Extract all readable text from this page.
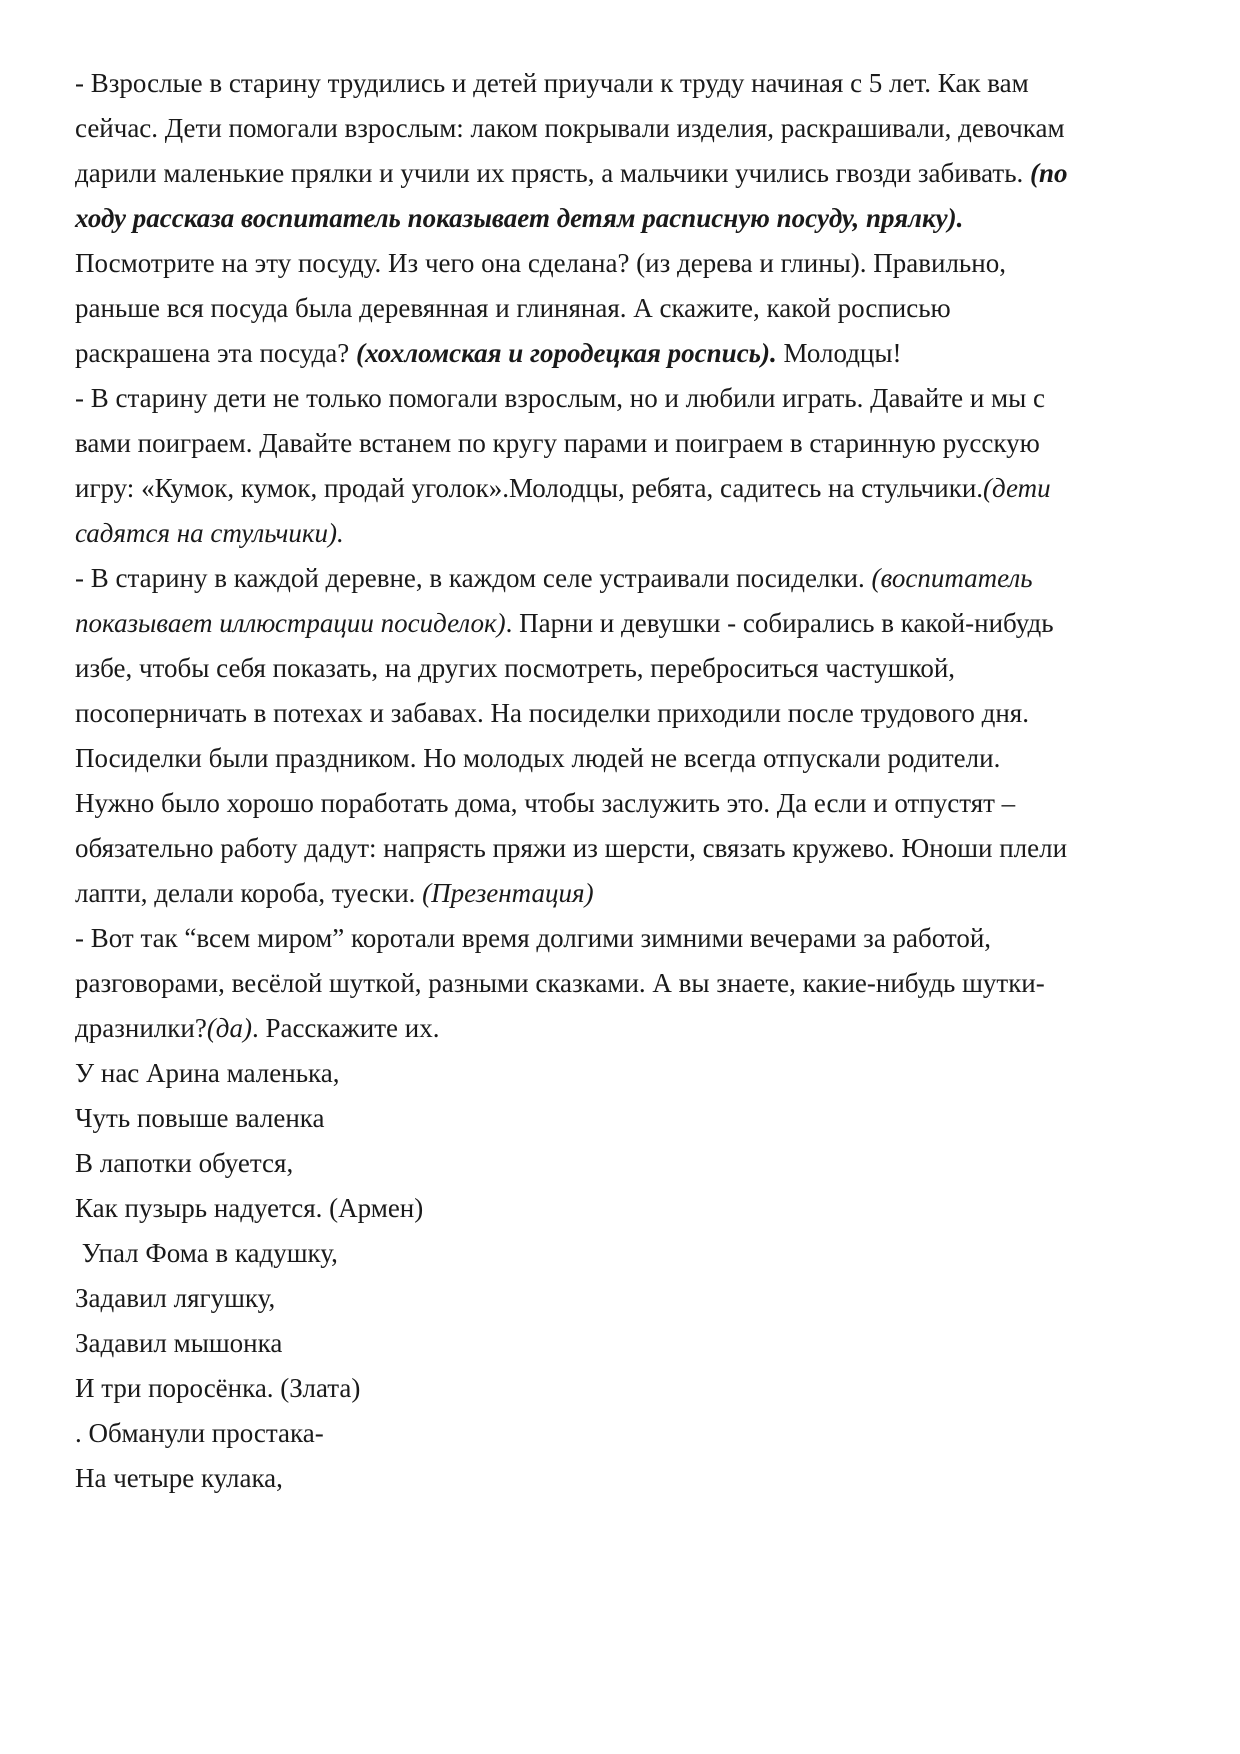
- Взрослые в старину трудились и детей приучали к труду начиная с 5 лет. Как вам
сейчас. Дети помогали взрослым: лаком покрывали изделия, раскрашивали, девочкам
дарили маленькие прялки и учили их прясть, а мальчики учились гвозди забивать. (по
ходу рассказа воспитатель показывает детям расписную посуду, прялку).
Посмотрите на эту посуду. Из чего она сделана? (из дерева и глины). Правильно,
раньше вся посуда была деревянная и глиняная. А скажите, какой росписью
раскрашена эта посуда? (хохломская и городецкая роспись). Молодцы!
- В старину дети не только помогали взрослым, но и любили играть. Давайте и мы с
вами поиграем. Давайте встанем по кругу парами и поиграем в старинную русскую
игру: «Кумок, кумок, продай уголок».Молодцы, ребята, садитесь на стульчики.(дети
садятся на стульчики).
- В старину в каждой деревне, в каждом селе устраивали посиделки. (воспитатель
показывает иллюстрации посиделок). Парни и девушки - собирались в какой-нибудь
избе, чтобы себя показать, на других посмотреть, переброситься частушкой,
посоперничать в потехах и забавах. На посиделки приходили после трудового дня.
Посиделки были праздником. Но молодых людей не всегда отпускали родители.
Нужно было хорошо поработать дома, чтобы заслужить это. Да если и отпустят –
обязательно работу дадут: напрясть пряжи из шерсти, связать кружево. Юноши плели
лапти, делали короба, туески. (Презентация)
- Вот так “всем миром” коротали время долгими зимними вечерами за работой,
разговорами, весёлой шуткой, разными сказками. А вы знаете, какие-нибудь шутки-
дразнилки?(да). Расскажите их.
У нас Арина маленька,
Чуть повыше валенка
В лапотки обуется,
Как пузырь надуется. (Армен)
Упал Фома в кадушку,
Задавил лягушку,
Задавил мышонка
И три поросёнка. (Злата)
. Обманули простака-
На четыре кулака,
